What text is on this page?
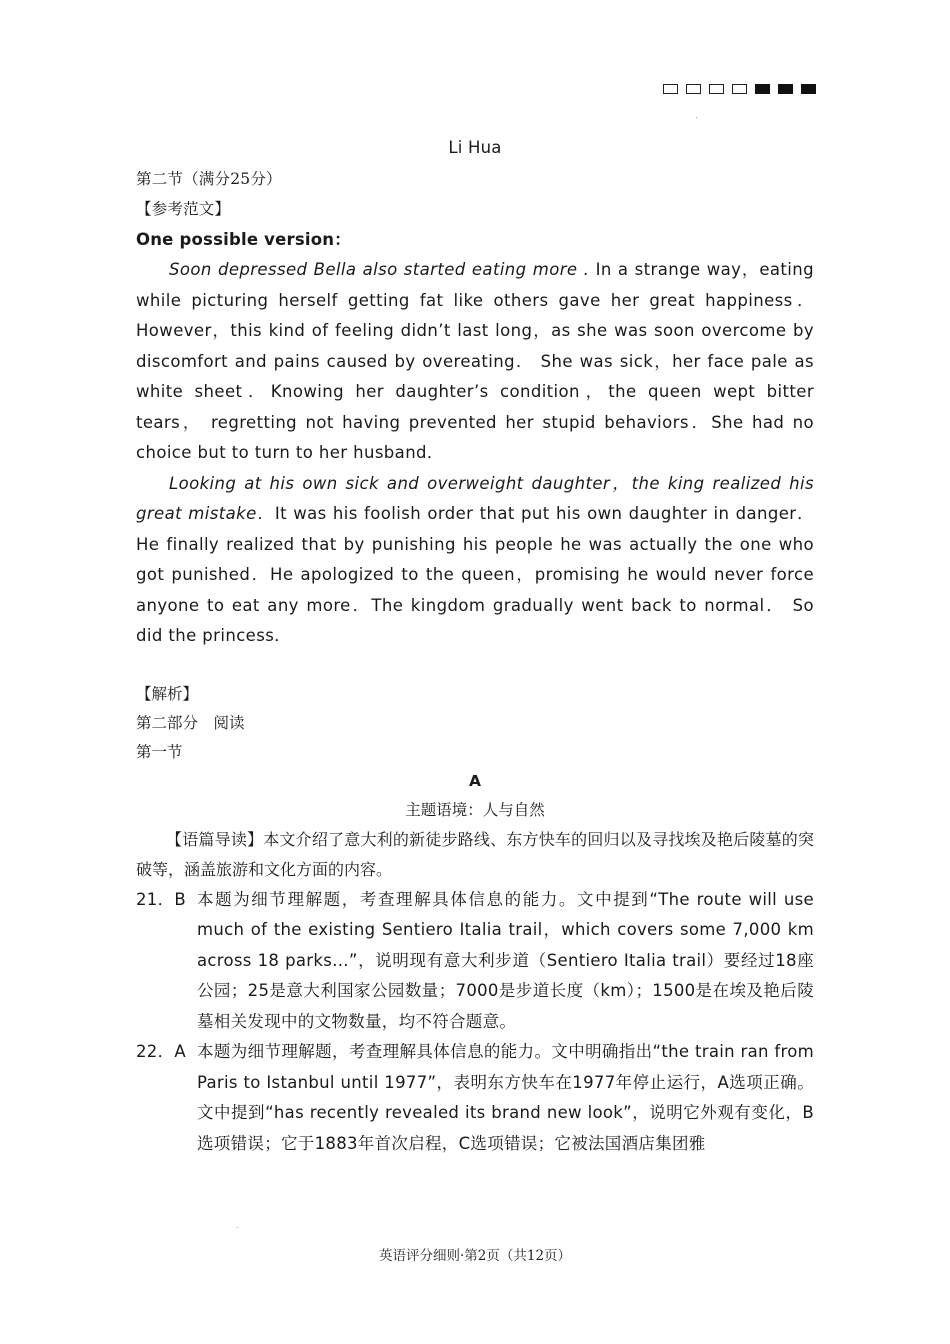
.
Li Hua
第二节（满分25分）
【参考范文】
One possible version：

Soon depressed Bella also started eating more . In a strange way，eating while picturing herself getting fat like others gave her great happiness．However，this kind of feeling didn’t last long，as she was soon overcome by discomfort and pains caused by overeating． She was sick，her face pale as white sheet．Knowing her daughter’s condition，the queen wept bitter tears， regretting not having prevented her stupid behaviors．She had no choice but to turn to her husband．

Looking at his own sick and overweight daughter，the king realized his great mistake．It was his foolish order that put his own daughter in danger． He finally realized that by punishing his people he was actually the one who got punished．He apologized to the queen，promising he would never force anyone to eat any more．The kingdom gradually went back to normal． So did the princess．

【解析】
第二部分　阅读
第一节
A
主题语境：人与自然
【语篇导读】本文介绍了意大利的新徒步路线、东方快车的回归以及寻找埃及艳后陵墓的突破等，涵盖旅游和文化方面的内容。
21．B 本题为细节理解题，考查理解具体信息的能力。文中提到“The route will use much of the existing Sentiero Italia trail，which covers some 7,000 km across 18 parks…”，说明现有意大利步道（Sentiero Italia trail）要经过18座公园；25是意大利国家公园数量；7000是步道长度（km）；1500是在埃及艳后陵墓相关发现中的文物数量，均不符合题意。
22．A 本题为细节理解题，考查理解具体信息的能力。文中明确指出“the train ran from Paris to Istanbul until 1977”，表明东方快车在1977年停止运行，A选项正确。文中提到“has recently revealed its brand new look”，说明它外观有变化，B选项错误；它于1883年首次启程，C选项错误；它被法国酒店集团雅
.
英语评分细则·第2页（共12页）
